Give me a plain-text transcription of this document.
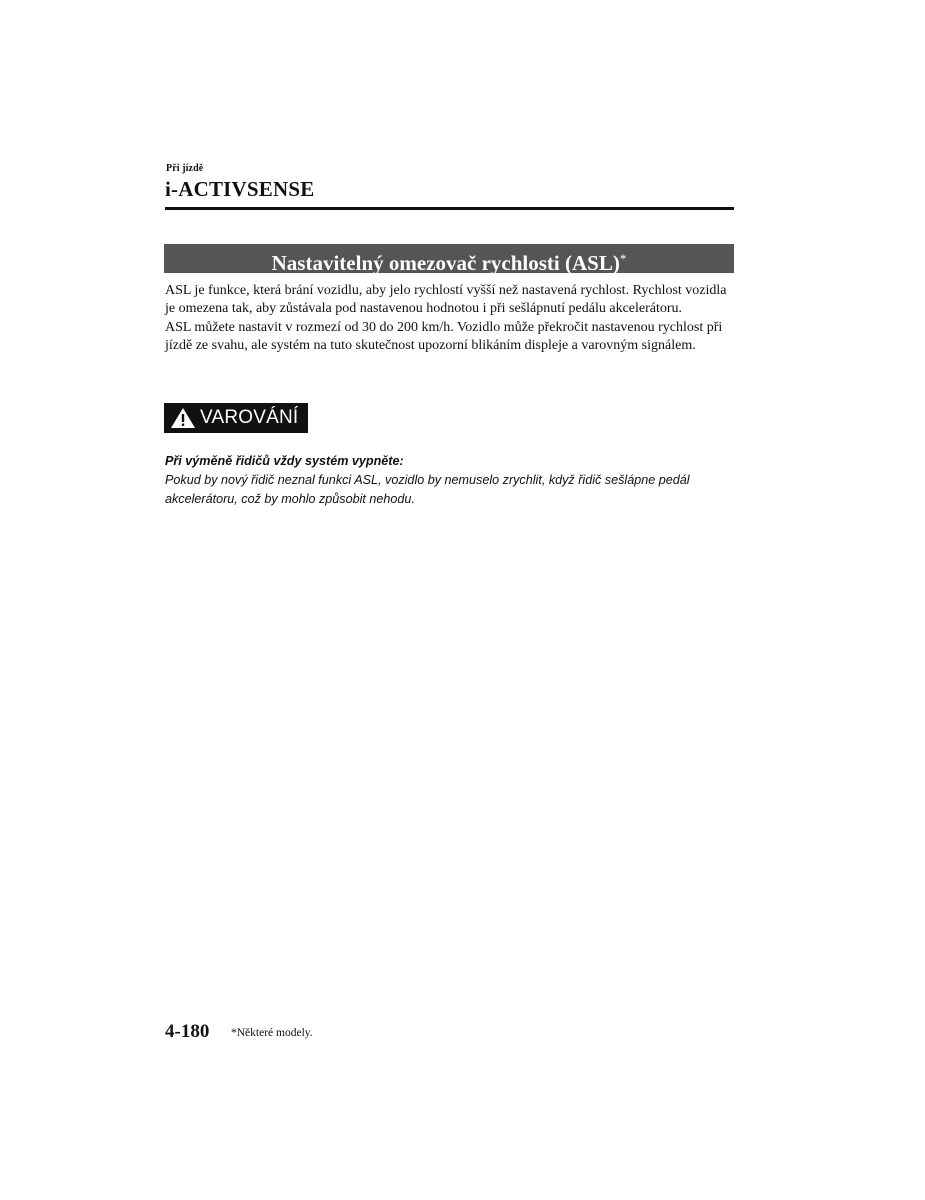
Při jízdě
i-ACTIVSENSE
Nastavitelný omezovač rychlosti (ASL)*

ASL je funkce, která brání vozidlu, aby jelo rychlostí vyšší než nastavená rychlost. Rychlost vozidla je omezena tak, aby zůstávala pod nastavenou hodnotou i při sešlápnutí pedálu akcelerátoru.

ASL můžete nastavit v rozmezí od 30 do 200 km/h. Vozidlo může překročit nastavenou rychlost při jízdě ze svahu, ale systém na tuto skutečnost upozorní blikáním displeje a varovným signálem.

VAROVÁNÍ

Při výměně řidičů vždy systém vypněte:

Pokud by nový řidič neznal funkci ASL, vozidlo by nemuselo zrychlit, když řidič sešlápne pedál akcelerátoru, což by mohlo způsobit nehodu.

4-180 *Některé modely.
